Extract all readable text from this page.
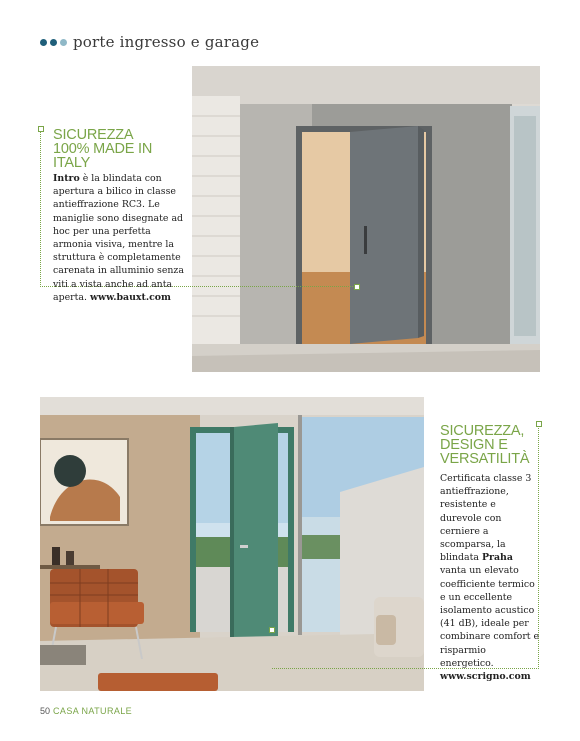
porte ingresso e garage
SICUREZZA
100% MADE IN ITALY
Intro è la blindata con apertura a bilico in classe antieffrazione RC3. Le maniglie sono disegnate ad hoc per una perfetta armonia visiva, mentre la struttura è completamente carenata in alluminio senza viti a vista anche ad anta aperta. www.bauxt.com
SICUREZZA,
DESIGN E
VERSATILITÀ
Certificata classe 3 antieffrazione, resistente e durevole con cerniere a scomparsa, la blindata Praha vanta un elevato coefficiente termico e un eccellente isolamento acustico (41 dB), ideale per combinare comfort e risparmio energetico.
www.scrigno.com
50 CASA NATURALE
